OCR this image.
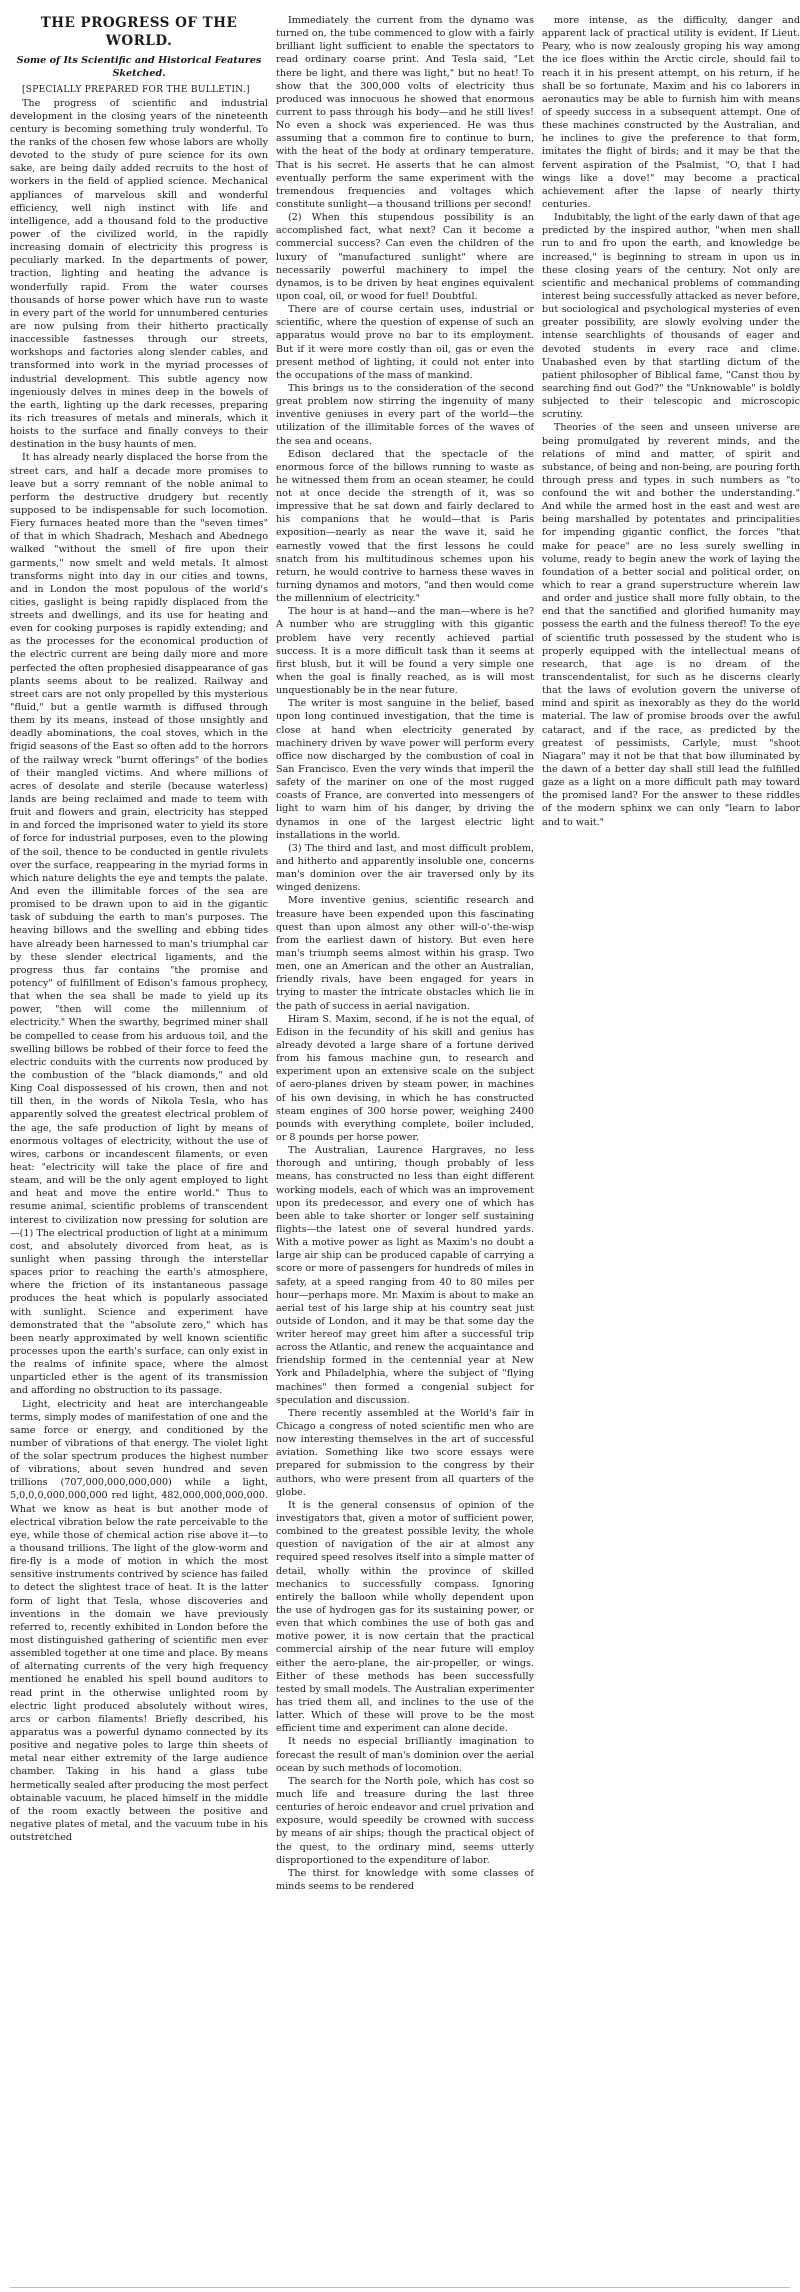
THE PROGRESS OF THE WORLD.
Some of Its Scientific and Historical Features Sketched.

[SPECIALLY PREPARED FOR THE BULLETIN.]

The progress of scientific and industrial development in the closing years of the nineteenth century is becoming something truly wonderful. To the ranks of the chosen few whose labors are wholly devoted to the study of pure science for its own sake, are being daily added recruits to the host of workers in the field of applied science. Mechanical appliances of marvelous skill and wonderful efficiency, well nigh instinct with life and intelligence, add a thousand fold to the productive power of the civilized world, in the rapidly increasing domain of electricity this progress is peculiarly marked. In the departments of power, traction, lighting and heating the advance is wonderfully rapid. From the water courses thousands of horse power which have run to waste in every part of the world for unnumbered centuries are now pulsing from their hitherto practically inaccessible fastnesses through our streets, workshops and factories along slender cables, and transformed into work in the myriad processes of industrial development. This subtle agency now ingeniously delves in mines deep in the bowels of the earth, lighting up the dark recesses, preparing its rich treasures of metals and minerals, which it hoists to the surface and finally conveys to their destination in the busy haunts of men.

It has already nearly displaced the horse from the street cars, and half a decade more promises to leave but a sorry remnant of the noble animal to perform the destructive drudgery but recently supposed to be indispensable for such locomotion. Fiery furnaces heated more than the "seven times" of that in which Shadrach, Meshach and Abednego walked "without the smell of fire upon their garments," now smelt and weld metals. It almost transforms night into day in our cities and towns, and in London the most populous of the world's cities, gaslight is being rapidly displaced from the streets and dwellings, and its use for heating and even for cooking purposes is rapidly extending; and as the processes for the economical production of the electric current are being daily more and more perfected the often prophesied disappearance of gas plants seems about to be realized. Railway and street cars are not only propelled by this mysterious "fluid," but a gentle warmth is diffused through them by its means, instead of those unsightly and deadly abominations, the coal stoves, which in the frigid seasons of the East so often add to the horrors of the railway wreck "burnt offerings" of the bodies of their mangled victims. And where millions of acres of desolate and sterile (because waterless) lands are being reclaimed and made to teem with fruit and flowers and grain, electricity has stepped in and forced the imprisoned water to yield its store of force for industrial purposes, even to the plowing of the soil, thence to be conducted in gentle rivulets over the surface, reappearing in the myriad forms in which nature delights the eye and tempts the palate. And even the illimitable forces of the sea are promised to be drawn upon to aid in the gigantic task of subduing the earth to man's purposes. The heaving billows and the swelling and ebbing tides have already been harnessed to man's triumphal car by these slender electrical ligaments, and the progress thus far contains "the promise and potency" of fulfillment of Edison's famous prophecy, that when the sea shall be made to yield up its power, "then will come the millennium of electricity." When the swarthy, begrimed miner shall be compelled to cease from his arduous toil, and the swelling billows be robbed of their force to feed the electric conduits with the currents now produced by the combustion of the "black diamonds," and old King Coal dispossessed of his crown, then and not till then, in the words of Nikola Tesla, who has apparently solved the greatest electrical problem of the age, the safe production of light by means of enormous voltages of electricity, without the use of wires, carbons or incandescent filaments, or even heat: "electricity will take the place of fire and steam, and will be the only agent employed to light and heat and move the entire world." Thus to resume animal, scientific problems of transcendent interest to civilization now pressing for solution are—(1) The electrical production of light at a minimum cost, and absolutely divorced from heat, as is sunlight when passing through the interstellar spaces prior to reaching the earth's atmosphere, where the friction of its instantaneous passage produces the heat which is popularly associated with sunlight. Science and experiment have demonstrated that the "absolute zero," which has been nearly approximated by well known scientific processes upon the earth's surface, can only exist in the realms of infinite space, where the almost unparticled ether is the agent of its transmission and affording no obstruction to its passage.

Light, electricity and heat are interchangeable terms, simply modes of manifestation of one and the same force or energy, and conditioned by the number of vibrations of that energy. The violet light of the solar spectrum produces the highest number of vibrations, about seven hundred and seven trillions (707,000,000,000,000) while a light, 5,0,0,0,000,000,000 red light, 482,000,000,000,000. What we know as heat is but another mode of electrical vibration below the rate perceivable to the eye, while those of chemical action rise above it—to a thousand trillions. The light of the glow-worm and fire-fly is a mode of motion in which the most sensitive instruments contrived by science has failed to detect the slightest trace of heat. It is the latter form of light that Tesla, whose discoveries and inventions in the domain we have previously referred to, recently exhibited in London before the most distinguished gathering of scientific men ever assembled together at one time and place. By means of alternating currents of the very high frequency mentioned he enabled his spell bound auditors to read print in the otherwise unlighted room by electric light produced absolutely without wires, arcs or carbon filaments! Briefly described, his apparatus was a powerful dynamo connected by its positive and negative poles to large thin sheets of metal near either extremity of the large audience chamber. Taking in his hand a glass tube hermetically sealed after producing the most perfect obtainable vacuum, he placed himself in the middle of the room exactly between the positive and negative plates of metal, and the vacuum tube in his outstretched

Immediately the current from the dynamo was turned on, the tube commenced to glow with a fairly brilliant light sufficient to enable the spectators to read ordinary coarse print. And Tesla said, "Let there be light, and there was light," but no heat! To show that the 300,000 volts of electricity thus produced was innocuous he showed that enormous current to pass through his body—and he still lives! No even a shock was experienced. He was thus assuming that a common fire to continue to burn, with the heat of the body at ordinary temperature. That is his secret. He asserts that he can almost eventually perform the same experiment with the tremendous frequencies and voltages which constitute sunlight—a thousand trillions per second!

(2) When this stupendous possibility is an accomplished fact, what next? Can it become a commercial success? Can even the children of the luxury of "manufactured sunlight" where are necessarily powerful machinery to impel the dynamos, is to be driven by heat engines equivalent upon coal, oil, or wood for fuel! Doubtful.

There are of course certain uses, industrial or scientific, where the question of expense of such an apparatus would prove no bar to its employment. But if it were more costly than oil, gas or even the present method of lighting, it could not enter into the occupations of the mass of mankind.

This brings us to the consideration of the second great problem now stirring the ingenuity of many inventive geniuses in every part of the world—the utilization of the illimitable forces of the waves of the sea and oceans.

Edison declared that the spectacle of the enormous force of the billows running to waste as he witnessed them from an ocean steamer, he could not at once decide the strength of it, was so impressive that he sat down and fairly declared to his companions that he would—that is Paris exposition—nearly as near the wave it, said he earnestly vowed that the first lessons he could snatch from his multitudinous schemes upon his return, he would contrive to harness these waves in turning dynamos and motors, "and then would come the millennium of electricity."

The hour is at hand—and the man—where is he? A number who are struggling with this gigantic problem have very recently achieved partial success. It is a more difficult task than it seems at first blush, but it will be found a very simple one when the goal is finally reached, as is will most unquestionably be in the near future.

The writer is most sanguine in the belief, based upon long continued investigation, that the time is close at hand when electricity generated by machinery driven by wave power will perform every office now discharged by the combustion of coal in San Francisco. Even the very winds that imperil the safety of the mariner on one of the most rugged coasts of France, are converted into messengers of light to warn him of his danger, by driving the dynamos in one of the largest electric light installations in the world.

(3) The third and last, and most difficult problem, and hitherto and apparently insoluble one, concerns man's dominion over the air traversed only by its winged denizens.

More inventive genius, scientific research and treasure have been expended upon this fascinating quest than upon almost any other will-o'-the-wisp from the earliest dawn of history. But even here man's triumph seems almost within his grasp. Two men, one an American and the other an Australian, friendly rivals, have been engaged for years in trying to master the intricate obstacles which lie in the path of success in aerial navigation.

Hiram S. Maxim, second, if he is not the equal, of Edison in the fecundity of his skill and genius has already devoted a large share of a fortune derived from his famous machine gun, to research and experiment upon an extensive scale on the subject of aero-planes driven by steam power, in machines of his own devising, in which he has constructed steam engines of 300 horse power, weighing 2400 pounds with everything complete, boiler included, or 8 pounds per horse power.

The Australian, Laurence Hargraves, no less thorough and untiring, though probably of less means, has constructed no less than eight different working models, each of which was an improvement upon its predecessor, and every one of which has been able to take shorter or longer self sustaining flights—the latest one of several hundred yards. With a motive power as light as Maxim's no doubt a large air ship can be produced capable of carrying a score or more of passengers for hundreds of miles in safety, at a speed ranging from 40 to 80 miles per hour—perhaps more. Mr. Maxim is about to make an aerial test of his large ship at his country seat just outside of London, and it may be that some day the writer hereof may greet him after a successful trip across the Atlantic, and renew the acquaintance and friendship formed in the centennial year at New York and Philadelphia, where the subject of "flying machines" then formed a congenial subject for speculation and discussion.

There recently assembled at the World's fair in Chicago a congress of noted scientific men who are now interesting themselves in the art of successful aviation. Something like two score essays were prepared for submission to the congress by their authors, who were present from all quarters of the globe.

It is the general consensus of opinion of the investigators that, given a motor of sufficient power, combined to the greatest possible levity, the whole question of navigation of the air at almost any required speed resolves itself into a simple matter of detail, wholly within the province of skilled mechanics to successfully compass. Ignoring entirely the balloon while wholly dependent upon the use of hydrogen gas for its sustaining power, or even that which combines the use of both gas and motive power, it is now certain that the practical commercial airship of the near future will employ either the aero-plane, the air-propeller, or wings. Either of these methods has been successfully tested by small models. The Australian experimenter has tried them all, and inclines to the use of the latter. Which of these will prove to be the most efficient time and experiment can alone decide.

It needs no especial brilliantly imagination to forecast the result of man's dominion over the aerial ocean by such methods of locomotion.

The search for the North pole, which has cost so much life and treasure during the last three centuries of heroic endeavor and cruel privation and exposure, would speedily be crowned with success by means of air ships; though the practical object of the quest, to the ordinary mind, seems utterly disproportioned to the expenditure of labor.

The thirst for knowledge with some classes of minds seems to be rendered

more intense, as the difficulty, danger and apparent lack of practical utility is evident. If Lieut. Peary, who is now zealously groping his way among the ice floes within the Arctic circle, should fail to reach it in his present attempt, on his return, if he shall be so fortunate, Maxim and his co laborers in aeronautics may be able to furnish him with means of speedy success in a subsequent attempt. One of these machines constructed by the Australian, and he inclines to give the preference to that form, imitates the flight of birds; and it may be that the fervent aspiration of the Psalmist, "O, that I had wings like a dove!" may become a practical achievement after the lapse of nearly thirty centuries.

Indubitably, the light of the early dawn of that age predicted by the inspired author, "when men shall run to and fro upon the earth, and knowledge be increased," is beginning to stream in upon us in these closing years of the century. Not only are scientific and mechanical problems of commanding interest being successfully attacked as never before, but sociological and psychological mysteries of even greater possibility, are slowly evolving under the intense searchlights of thousands of eager and devoted students in every race and clime. Unabashed even by that startling dictum of the patient philosopher of Biblical fame, "Canst thou by searching find out God?" the "Unknowable" is boldly subjected to their telescopic and microscopic scrutiny.

Theories of the seen and unseen universe are being promulgated by reverent minds, and the relations of mind and matter, of spirit and substance, of being and non-being, are pouring forth through press and types in such numbers as "to confound the wit and bother the understanding." And while the armed host in the east and west are being marshalled by potentates and principalities for impending gigantic conflict, the forces "that make for peace" are no less surely swelling in volume, ready to begin anew the work of laying the foundation of a better social and political order, on which to rear a grand superstructure wherein law and order and justice shall more fully obtain, to the end that the sanctified and glorified humanity may possess the earth and the fulness thereof! To the eye of scientific truth possessed by the student who is properly equipped with the intellectual means of research, that age is no dream of the transcendentalist, for such as he discerns clearly that the laws of evolution govern the universe of mind and spirit as inexorably as they do the world material. The law of promise broods over the awful cataract, and if the race, as predicted by the greatest of pessimists, Carlyle, must "shoot Niagara" may it not be that that bow illuminated by the dawn of a better day shall still lead the fulfilled gaze as a light on a more difficult path may toward the promised land? For the answer to these riddles of the modern sphinx we can only "learn to labor and to wait."
